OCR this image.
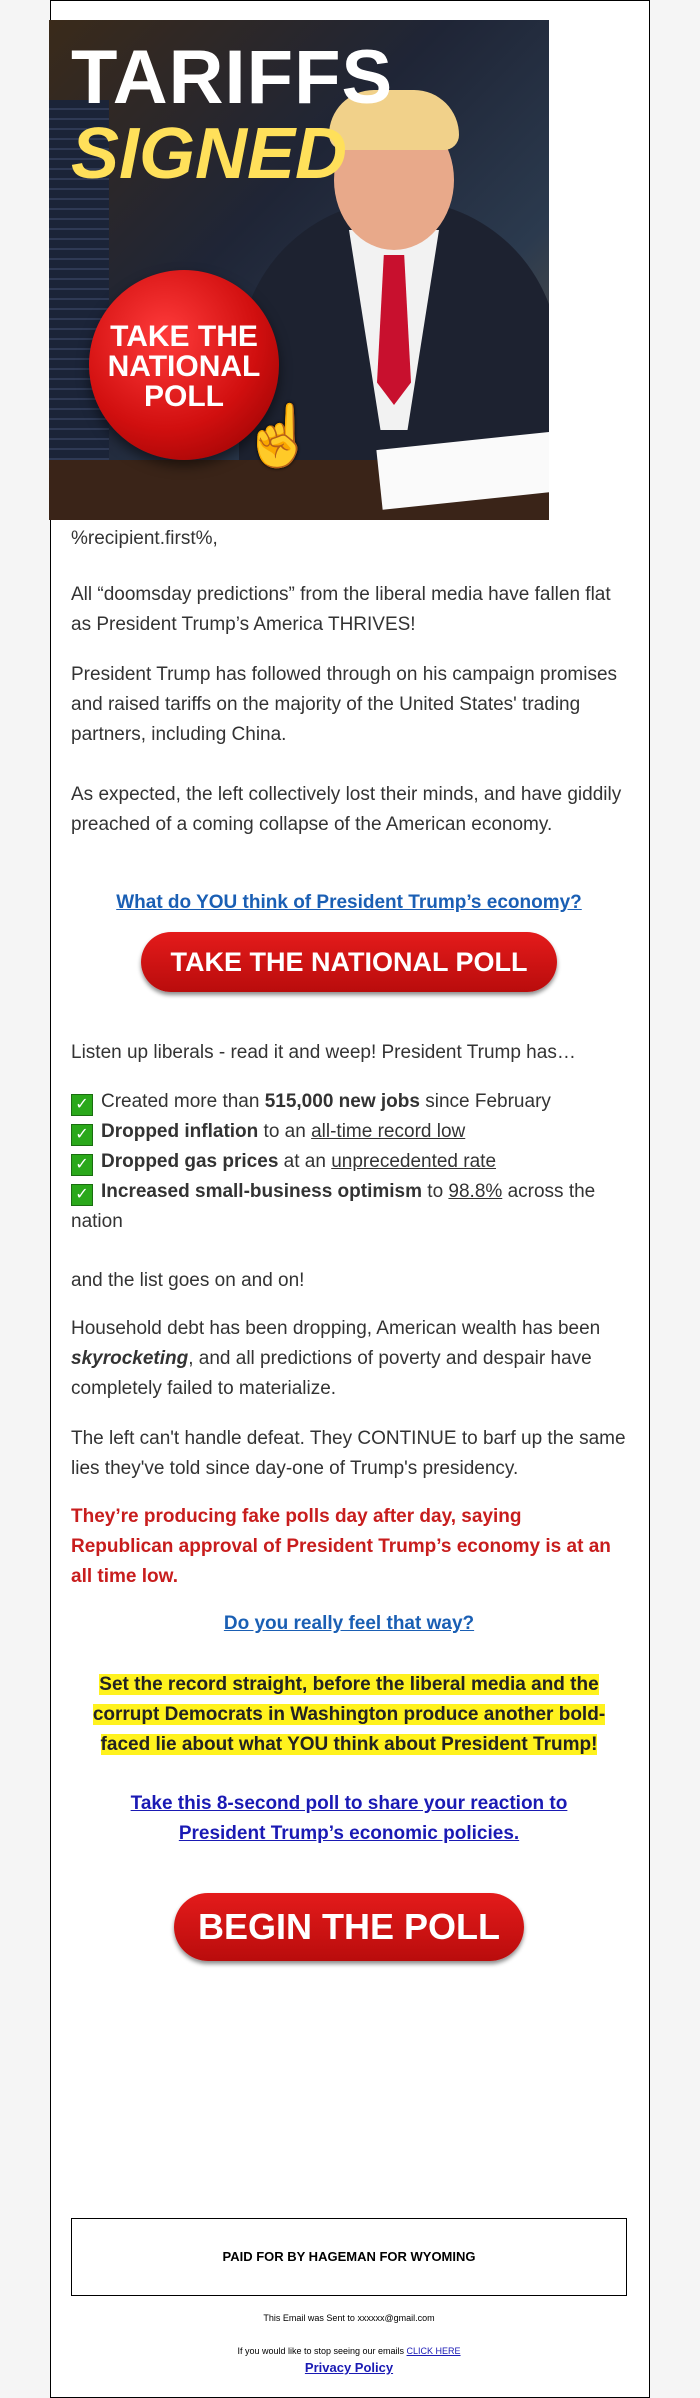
TARIFFS
SIGNED
TAKE THE
NATIONAL
POLL
☝

%recipient.first%,

All “doomsday predictions” from the liberal media have fallen flat as President Trump’s America THRIVES!

President Trump has followed through on his campaign promises and raised tariffs on the majority of the United States' trading partners, including China.

As expected, the left collectively lost their minds, and have giddily preached of a coming collapse of the American economy.

What do YOU think of President Trump’s economy?
TAKE THE NATIONAL POLL

Listen up liberals - read it and weep! President Trump has…

✓ Created more than 515,000 new jobs since February
✓ Dropped inflation to an all-time record low
✓ Dropped gas prices at an unprecedented rate
✓ Increased small-business optimism to 98.8% across the nation

and the list goes on and on!

Household debt has been dropping, American wealth has been skyrocketing, and all predictions of poverty and despair have completely failed to materialize.

The left can't handle defeat. They CONTINUE to barf up the same lies they've told since day-one of Trump's presidency.

They’re producing fake polls day after day, saying Republican approval of President Trump’s economy is at an all time low.

Do you really feel that way?
Set the record straight, before the liberal media and the corrupt Democrats in Washington produce another bold-faced lie about what YOU think about President Trump!
Take this 8-second poll to share your reaction to President Trump’s economic policies.
BEGIN THE POLL
PAID FOR BY HAGEMAN FOR WYOMING
This Email was Sent to xxxxxx@gmail.com
If you would like to stop seeing our emails CLICK HERE
Privacy Policy
